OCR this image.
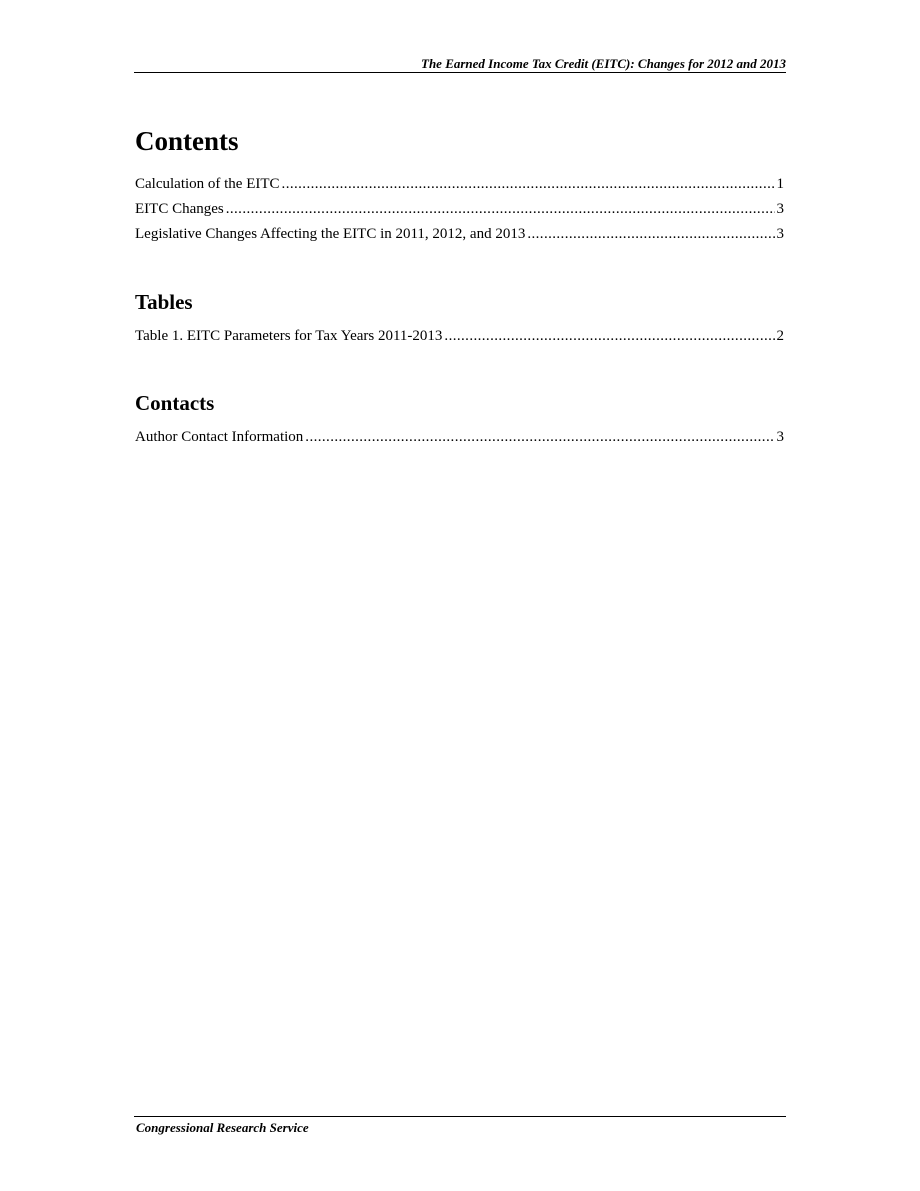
The Earned Income Tax Credit (EITC): Changes for 2012 and 2013
Contents
Calculation of the EITC .....	1
EITC Changes .....	3
Legislative Changes Affecting the EITC in 2011, 2012, and 2013 .....	3
Tables
Table 1. EITC Parameters for Tax Years 2011-2013 .....	2
Contacts
Author Contact Information .....	3
Congressional Research Service
